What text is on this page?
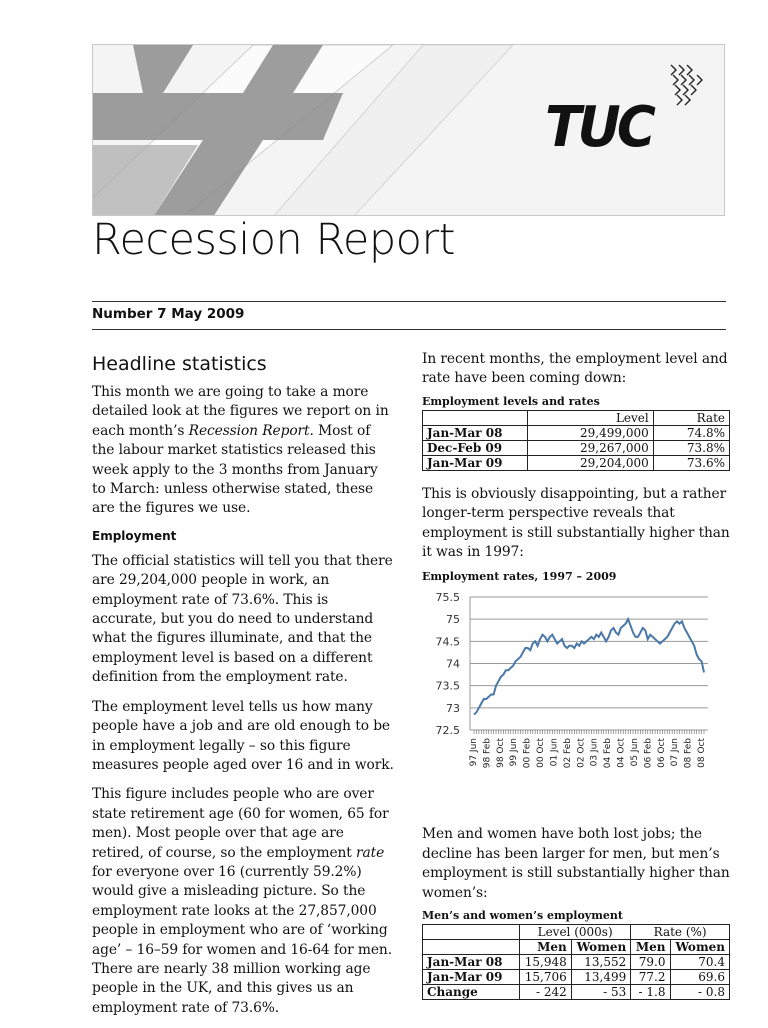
TUC
Recession Report
Number 7 May 2009
Headline statistics

This month we are going to take a more detailed look at the figures we report on in each month’s Recession Report. Most of the labour market statistics released this week apply to the 3 months from January to March: unless otherwise stated, these are the figures we use.

Employment

The official statistics will tell you that there are 29,204,000 people in work, an employment rate of 73.6%. This is accurate, but you do need to understand what the figures illuminate, and that the employment level is based on a different definition from the employment rate.

The employment level tells us how many people have a job and are old enough to be in employment legally – so this figure measures people aged over 16 and in work.

This figure includes people who are over state retirement age (60 for women, 65 for men). Most people over that age are retired, of course, so the employment rate for everyone over 16 (currently 59.2%) would give a misleading picture. So the employment rate looks at the 27,857,000 people in employment who are of ‘working age’ – 16–59 for women and 16-64 for men. There are nearly 38 million working age people in the UK, and this gives us an employment rate of 73.6%.

In recent months, the employment level and rate have been coming down:

Employment levels and rates
	Level	Rate
Jan-Mar 08	29,499,000	74.8%
Dec-Feb 09	29,267,000	73.8%
Jan-Mar 09	29,204,000	73.6%

This is obviously disappointing, but a rather longer-term perspective reveals that employment is still substantially higher than it was in 1997:

Employment rates, 1997 – 2009
72.5
73
73.5
74
74.5
75
75.5
97 Jun 98 Feb 98 Oct 99 Jun 00 Feb 00 Oct 01 Jun 02 Feb 02 Oct 03 Jun 04 Feb 04 Oct 05 Jun 06 Feb 06 Oct 07 Jun 08 Feb 08 Oct

Men and women have both lost jobs; the decline has been larger for men, but men’s employment is still substantially higher than women’s:

Men’s and women’s employment
	Level (000s)		Rate (%)	
	Men	Women	Men	Women
Jan-Mar 08	15,948	13,552	79.0	70.4
Jan-Mar 09	15,706	13,499	77.2	69.6
Change	- 242	- 53	- 1.8	- 0.8
